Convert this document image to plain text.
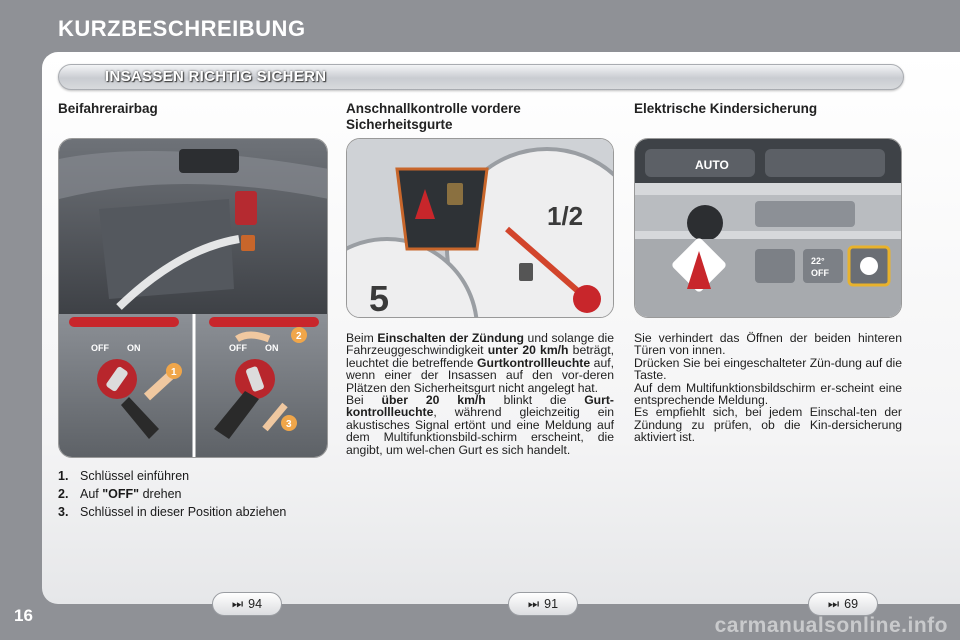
KURZBESCHREIBUNG
INSASSEN RICHTIG SICHERN
Beifahrerairbag
OFF ON
1
OFF ON
2
3
1. Schlüssel einführen
2. Auf "OFF" drehen
3. Schlüssel in dieser Position abziehen
Anschnallkontrolle vordere
Sicherheitsgurte
1/2
5

Beim Einschalten der Zündung und solange die Fahrzeuggeschwindigkeit unter 20 km/h beträgt, leuchtet die betreffende Gurtkontrollleuchte auf, wenn einer der Insassen auf den vor-deren Plätzen den Sicherheitsgurt nicht angelegt hat.

Bei über 20 km/h blinkt die Gurt-kontrollleuchte, während gleichzeitig ein akustisches Signal ertönt und eine Meldung auf dem Multifunktionsbild-schirm erscheint, die angibt, um wel-chen Gurt es sich handelt.

Elektrische Kindersicherung
AUTO
22°
OFF

Sie verhindert das Öffnen der beiden hinteren Türen von innen.

Drücken Sie bei eingeschalteter Zün-dung auf die Taste.

Auf dem Multifunktionsbildschirm er-scheint eine entsprechende Meldung.

Es empfiehlt sich, bei jedem Einschal-ten der Zündung zu prüfen, ob die Kin-dersicherung aktiviert ist.

⏭ 94	⏭ 91	⏭ 69
16	carmanualsonline.info
